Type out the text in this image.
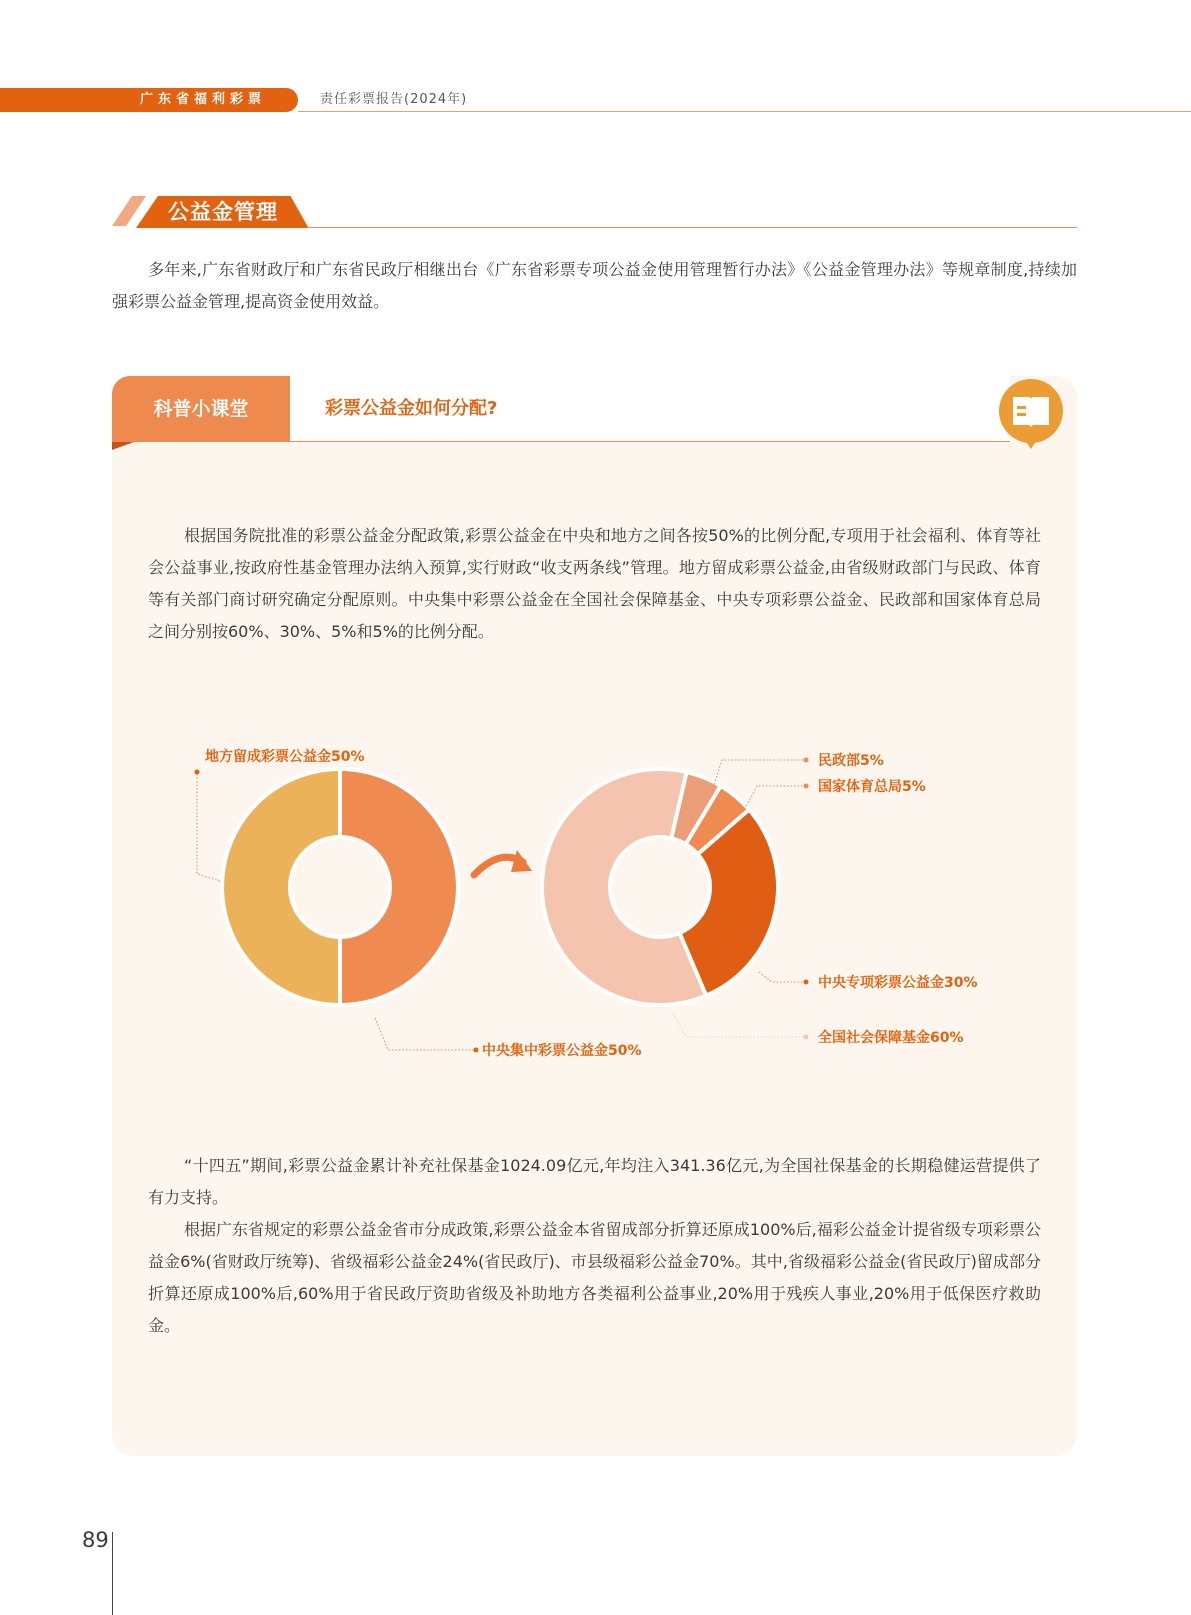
广东省福利彩票	责任彩票报告(2024年)
公益金管理

多年来,广东省财政厅和广东省民政厅相继出台《广东省彩票专项公益金使用管理暂行办法》《公益金管理办法》等规章制度,持续加强彩票公益金管理,提高资金使用效益。

科普小课堂	彩票公益金如何分配?

根据国务院批准的彩票公益金分配政策,彩票公益金在中央和地方之间各按50%的比例分配,专项用于社会福利、体育等社会公益事业,按政府性基金管理办法纳入预算,实行财政“收支两条线”管理。地方留成彩票公益金,由省级财政部门与民政、体育等有关部门商讨研究确定分配原则。中央集中彩票公益金在全国社会保障基金、中央专项彩票公益金、民政部和国家体育总局之间分别按60%、30%、5%和5%的比例分配。

地方留成彩票公益金50%
中央集中彩票公益金50%
民政部5%
国家体育总局5%
中央专项彩票公益金30%
全国社会保障基金60%

“十四五”期间,彩票公益金累计补充社保基金1024.09亿元,年均注入341.36亿元,为全国社保基金的长期稳健运营提供了有力支持。

根据广东省规定的彩票公益金省市分成政策,彩票公益金本省留成部分折算还原成100%后,福彩公益金计提省级专项彩票公益金6%(省财政厅统筹)、省级福彩公益金24%(省民政厅)、市县级福彩公益金70%。其中,省级福彩公益金(省民政厅)留成部分折算还原成100%后,60%用于省民政厅资助省级及补助地方各类福利公益事业,20%用于残疾人事业,20%用于低保医疗救助金。

89
